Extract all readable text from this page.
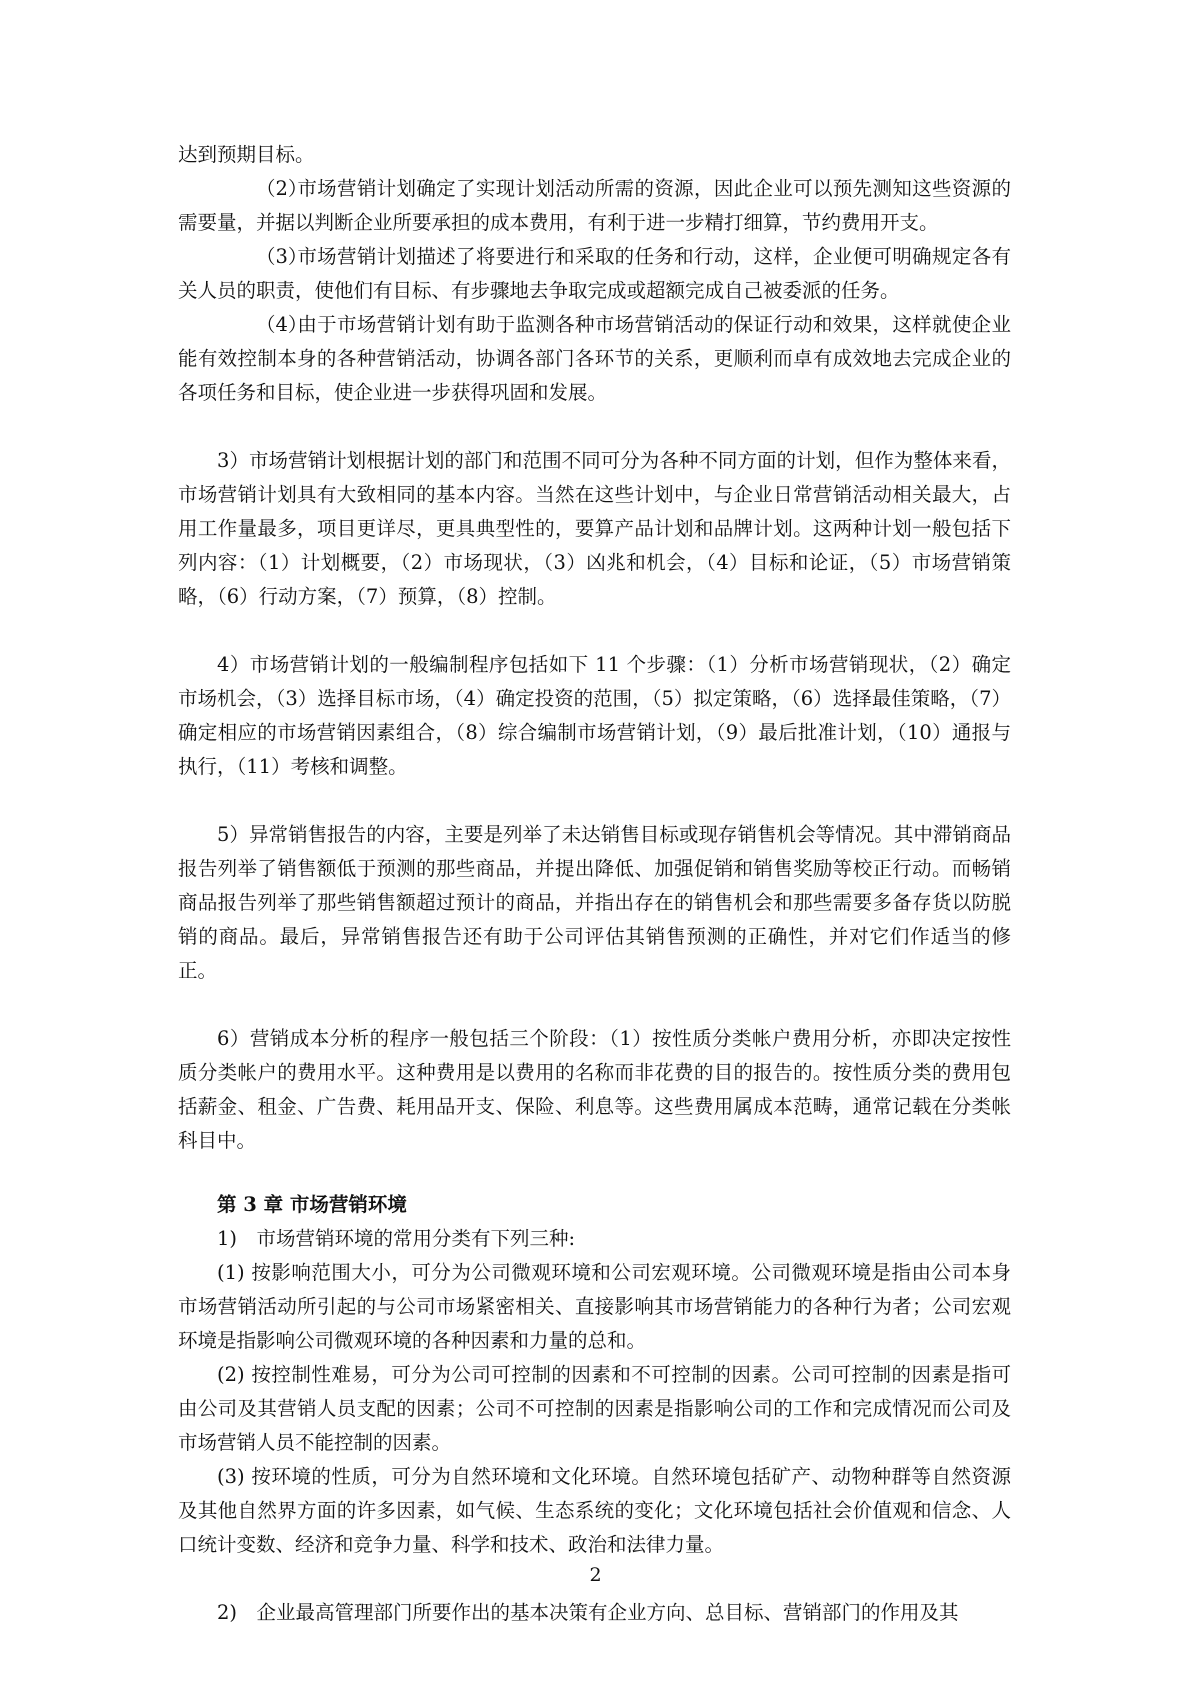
达到预期目标。

（2）市场营销计划确定了实现计划活动所需的资源，因此企业可以预先测知这些资源的需要量，并据以判断企业所要承担的成本费用，有利于进一步精打细算，节约费用开支。

（3）市场营销计划描述了将要进行和采取的任务和行动，这样，企业便可明确规定各有关人员的职责，使他们有目标、有步骤地去争取完成或超额完成自己被委派的任务。

（4）由于市场营销计划有助于监测各种市场营销活动的保证行动和效果，这样就使企业能有效控制本身的各种营销活动，协调各部门各环节的关系，更顺利而卓有成效地去完成企业的各项任务和目标，使企业进一步获得巩固和发展。

3）市场营销计划根据计划的部门和范围不同可分为各种不同方面的计划，但作为整体来看，市场营销计划具有大致相同的基本内容。当然在这些计划中，与企业日常营销活动相关最大，占用工作量最多，项目更详尽，更具典型性的，要算产品计划和品牌计划。这两种计划一般包括下列内容：（1）计划概要，（2）市场现状，（3）凶兆和机会，（4）目标和论证，（5）市场营销策略，（6）行动方案，（7）预算，（8）控制。

4）市场营销计划的一般编制程序包括如下 11 个步骤：（1）分析市场营销现状，（2）确定市场机会，（3）选择目标市场，（4）确定投资的范围，（5）拟定策略，（6）选择最佳策略，（7）确定相应的市场营销因素组合，（8）综合编制市场营销计划，（9）最后批准计划，（10）通报与执行，（11）考核和调整。

5）异常销售报告的内容，主要是列举了未达销售目标或现存销售机会等情况。其中滞销商品报告列举了销售额低于预测的那些商品，并提出降低、加强促销和销售奖励等校正行动。而畅销商品报告列举了那些销售额超过预计的商品，并指出存在的销售机会和那些需要多备存货以防脱销的商品。最后，异常销售报告还有助于公司评估其销售预测的正确性，并对它们作适当的修正。

6）营销成本分析的程序一般包括三个阶段：（1）按性质分类帐户费用分析，亦即决定按性质分类帐户的费用水平。这种费用是以费用的名称而非花费的目的报告的。按性质分类的费用包括薪金、租金、广告费、耗用品开支、保险、利息等。这些费用属成本范畴，通常记载在分类帐科目中。

第 3 章 市场营销环境

1)　市场营销环境的常用分类有下列三种:

(1) 按影响范围大小，可分为公司微观环境和公司宏观环境。公司微观环境是指由公司本身市场营销活动所引起的与公司市场紧密相关、直接影响其市场营销能力的各种行为者；公司宏观环境是指影响公司微观环境的各种因素和力量的总和。

(2) 按控制性难易，可分为公司可控制的因素和不可控制的因素。公司可控制的因素是指可由公司及其营销人员支配的因素；公司不可控制的因素是指影响公司的工作和完成情况而公司及市场营销人员不能控制的因素。

(3) 按环境的性质，可分为自然环境和文化环境。自然环境包括矿产、动物种群等自然资源及其他自然界方面的许多因素，如气候、生态系统的变化；文化环境包括社会价值观和信念、人口统计变数、经济和竞争力量、科学和技术、政治和法律力量。

2)　企业最高管理部门所要作出的基本决策有企业方向、总目标、营销部门的作用及其

2
